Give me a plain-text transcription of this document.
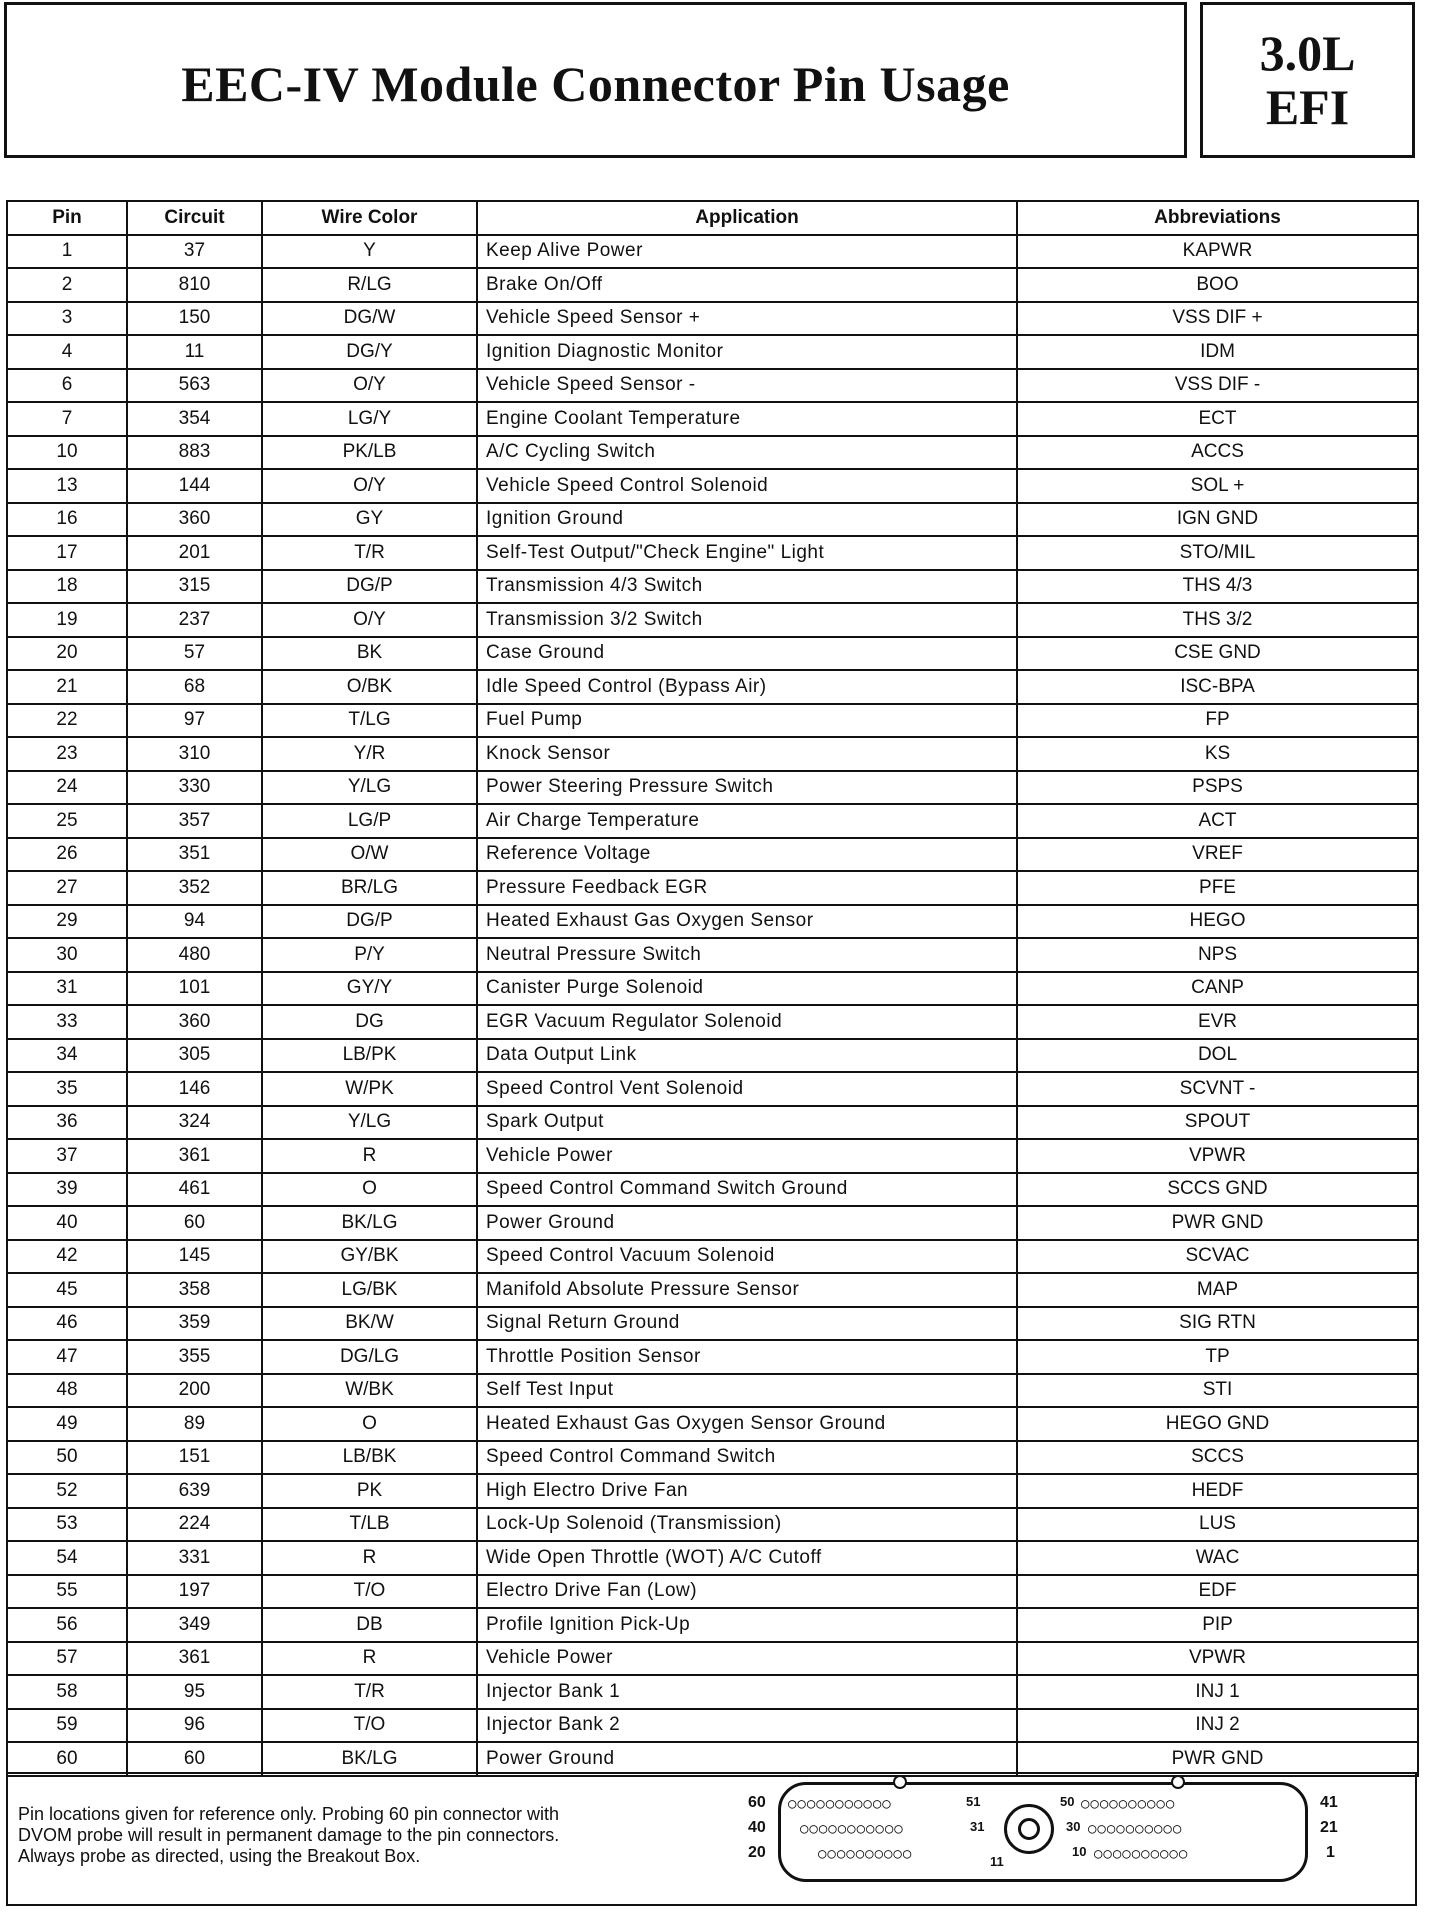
EEC-IV Module Connector Pin Usage
3.0L
EFI
Pin	Circuit	Wire Color	Application	Abbreviations
1	37	Y	Keep Alive Power	KAPWR
2	810	R/LG	Brake On/Off	BOO
3	150	DG/W	Vehicle Speed Sensor +	VSS DIF +
4	11	DG/Y	Ignition Diagnostic Monitor	IDM
6	563	O/Y	Vehicle Speed Sensor -	VSS DIF -
7	354	LG/Y	Engine Coolant Temperature	ECT
10	883	PK/LB	A/C Cycling Switch	ACCS
13	144	O/Y	Vehicle Speed Control Solenoid	SOL +
16	360	GY	Ignition Ground	IGN GND
17	201	T/R	Self-Test Output/"Check Engine" Light	STO/MIL
18	315	DG/P	Transmission 4/3 Switch	THS 4/3
19	237	O/Y	Transmission 3/2 Switch	THS 3/2
20	57	BK	Case Ground	CSE GND
21	68	O/BK	Idle Speed Control (Bypass Air)	ISC-BPA
22	97	T/LG	Fuel Pump	FP
23	310	Y/R	Knock Sensor	KS
24	330	Y/LG	Power Steering Pressure Switch	PSPS
25	357	LG/P	Air Charge Temperature	ACT
26	351	O/W	Reference Voltage	VREF
27	352	BR/LG	Pressure Feedback EGR	PFE
29	94	DG/P	Heated Exhaust Gas Oxygen Sensor	HEGO
30	480	P/Y	Neutral Pressure Switch	NPS
31	101	GY/Y	Canister Purge Solenoid	CANP
33	360	DG	EGR Vacuum Regulator Solenoid	EVR
34	305	LB/PK	Data Output Link	DOL
35	146	W/PK	Speed Control Vent Solenoid	SCVNT -
36	324	Y/LG	Spark Output	SPOUT
37	361	R	Vehicle Power	VPWR
39	461	O	Speed Control Command Switch Ground	SCCS GND
40	60	BK/LG	Power Ground	PWR GND
42	145	GY/BK	Speed Control Vacuum Solenoid	SCVAC
45	358	LG/BK	Manifold Absolute Pressure Sensor	MAP
46	359	BK/W	Signal Return Ground	SIG RTN
47	355	DG/LG	Throttle Position Sensor	TP
48	200	W/BK	Self Test Input	STI
49	89	O	Heated Exhaust Gas Oxygen Sensor Ground	HEGO GND
50	151	LB/BK	Speed Control Command Switch	SCCS
52	639	PK	High Electro Drive Fan	HEDF
53	224	T/LB	Lock-Up Solenoid (Transmission)	LUS
54	331	R	Wide Open Throttle (WOT) A/C Cutoff	WAC
55	197	T/O	Electro Drive Fan (Low)	EDF
56	349	DB	Profile Ignition Pick-Up	PIP
57	361	R	Vehicle Power	VPWR
58	95	T/R	Injector Bank 1	INJ 1
59	96	T/O	Injector Bank 2	INJ 2
60	60	BK/LG	Power Ground	PWR GND
Pin locations given for reference only. Probing 60 pin connector with
DVOM probe will result in permanent damage to the pin connectors.
Always probe as directed, using the Breakout Box.
60
40
20
41
21
1
○○○○○○○○○○○
○○○○○○○○○○○
○○○○○○○○○○
○○○○○○○○○○
○○○○○○○○○○
○○○○○○○○○○
51
31
11
50
30
10
